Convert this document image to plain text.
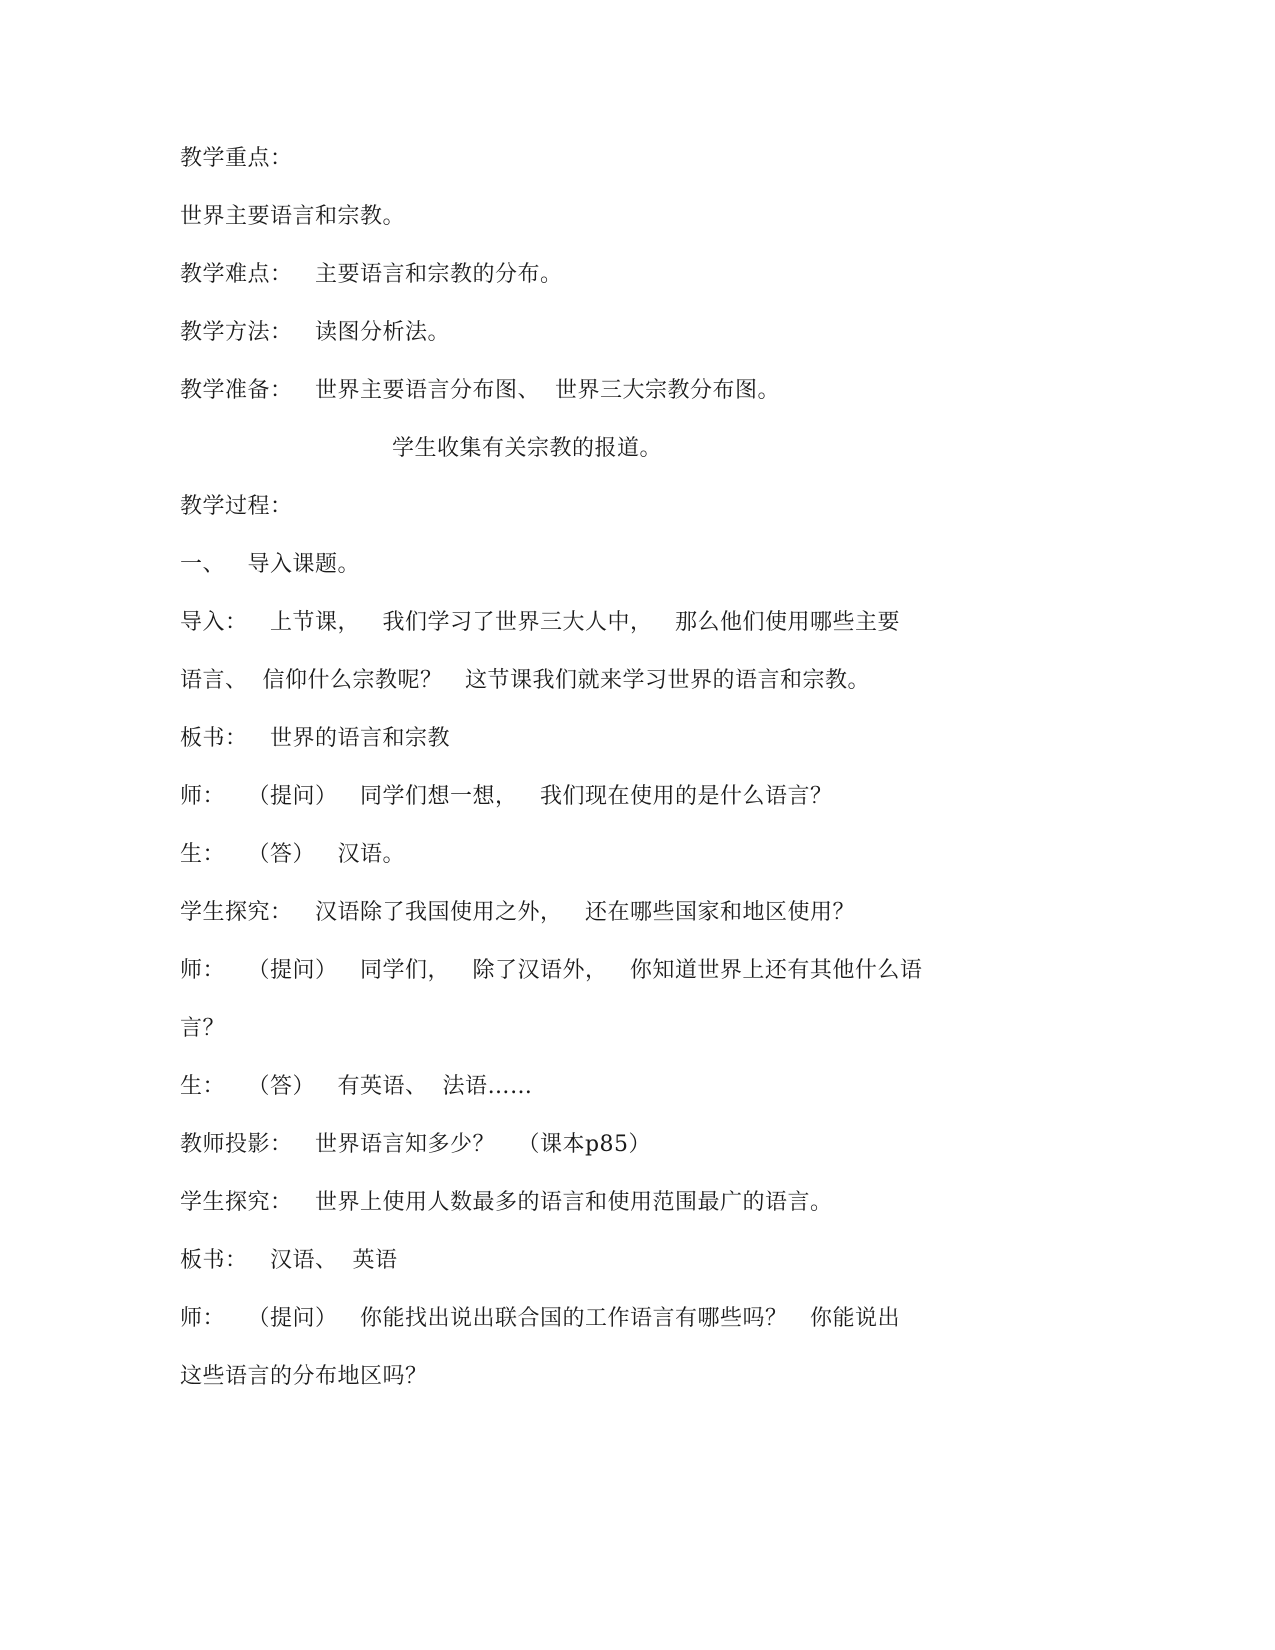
教学重点：
世界主要语言和宗教。
教学难点：   主要语言和宗教的分布。
教学方法：   读图分析法。
教学准备：   世界主要语言分布图、  世界三大宗教分布图。
学生收集有关宗教的报道。
教学过程：
一、   导入课题。
导入：   上节课，   我们学习了世界三大人中，   那么他们使用哪些主要
语言、  信仰什么宗教呢？   这节课我们就来学习世界的语言和宗教。
板书：   世界的语言和宗教
师：   （提问）   同学们想一想，   我们现在使用的是什么语言？
生：   （答）   汉语。
学生探究：   汉语除了我国使用之外，   还在哪些国家和地区使用？
师：   （提问）   同学们，   除了汉语外，   你知道世界上还有其他什么语
言？
生：   （答）   有英语、  法语……
教师投影：   世界语言知多少？   （课本p85）
学生探究：   世界上使用人数最多的语言和使用范围最广的语言。
板书：   汉语、  英语
师：   （提问）   你能找出说出联合国的工作语言有哪些吗？   你能说出
这些语言的分布地区吗？
